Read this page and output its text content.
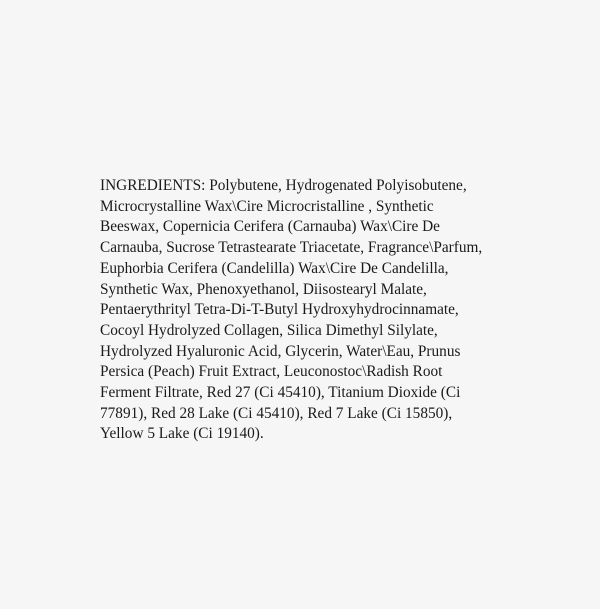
INGREDIENTS: Polybutene, Hydrogenated Polyisobutene,
Microcrystalline Wax\Cire Microcristalline , Synthetic
Beeswax, Copernicia Cerifera (Carnauba) Wax\Cire De
Carnauba, Sucrose Tetrastearate Triacetate, Fragrance\Parfum,
Euphorbia Cerifera (Candelilla) Wax\Cire De Candelilla,
Synthetic Wax, Phenoxyethanol, Diisostearyl Malate,
Pentaerythrityl Tetra-Di-T-Butyl Hydroxyhydrocinnamate,
Cocoyl Hydrolyzed Collagen, Silica Dimethyl Silylate,
Hydrolyzed Hyaluronic Acid, Glycerin, Water\Eau, Prunus
Persica (Peach) Fruit Extract, Leuconostoc\Radish Root
Ferment Filtrate, Red 27 (Ci 45410), Titanium Dioxide (Ci
77891), Red 28 Lake (Ci 45410), Red 7 Lake (Ci 15850),
Yellow 5 Lake (Ci 19140).
